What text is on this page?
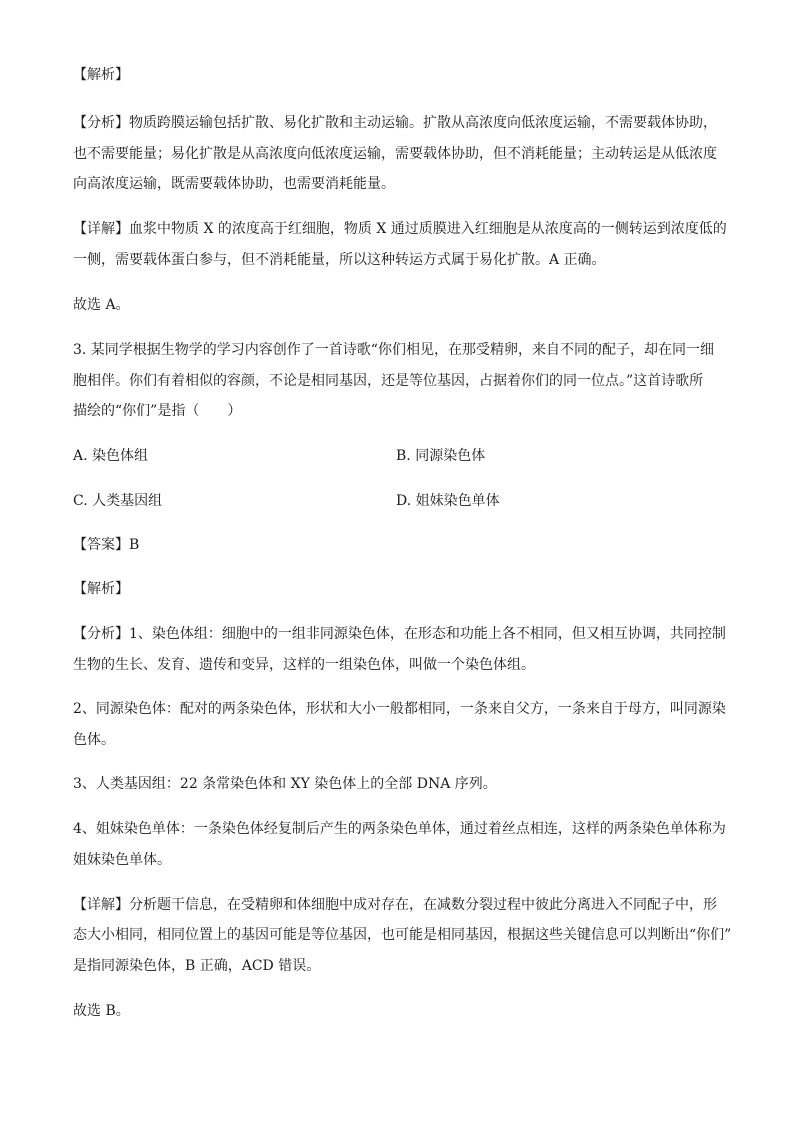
【解析】
【分析】物质跨膜运输包括扩散、易化扩散和主动运输。扩散从高浓度向低浓度运输，不需要载体协助，
也不需要能量；易化扩散是从高浓度向低浓度运输，需要载体协助，但不消耗能量；主动转运是从低浓度
向高浓度运输，既需要载体协助，也需要消耗能量。
【详解】血浆中物质 X 的浓度高于红细胞，物质 X 通过质膜进入红细胞是从浓度高的一侧转运到浓度低的
一侧，需要载体蛋白参与，但不消耗能量，所以这种转运方式属于易化扩散。A 正确。
故选 A。
3. 某同学根据生物学的学习内容创作了一首诗歌“你们相见，在那受精卵，来自不同的配子，却在同一细
胞相伴。你们有着相似的容颜，不论是相同基因，还是等位基因，占据着你们的同一位点。”这首诗歌所
描绘的“你们”是指（　　）
A. 染色体组	B. 同源染色体
C. 人类基因组	D. 姐妹染色单体
【答案】B
【解析】
【分析】1、染色体组：细胞中的一组非同源染色体，在形态和功能上各不相同，但又相互协调，共同控制
生物的生长、发育、遗传和变异，这样的一组染色体，叫做一个染色体组。
2、同源染色体：配对的两条染色体，形状和大小一般都相同，一条来自父方，一条来自于母方，叫同源染
色体。
3、人类基因组：22 条常染色体和 XY 染色体上的全部 DNA 序列。
4、姐妹染色单体：一条染色体经复制后产生的两条染色单体，通过着丝点相连，这样的两条染色单体称为
姐妹染色单体。
【详解】分析题干信息，在受精卵和体细胞中成对存在，在减数分裂过程中彼此分离进入不同配子中，形
态大小相同，相同位置上的基因可能是等位基因，也可能是相同基因，根据这些关键信息可以判断出“你们”
是指同源染色体，B 正确，ACD 错误。
故选 B。
